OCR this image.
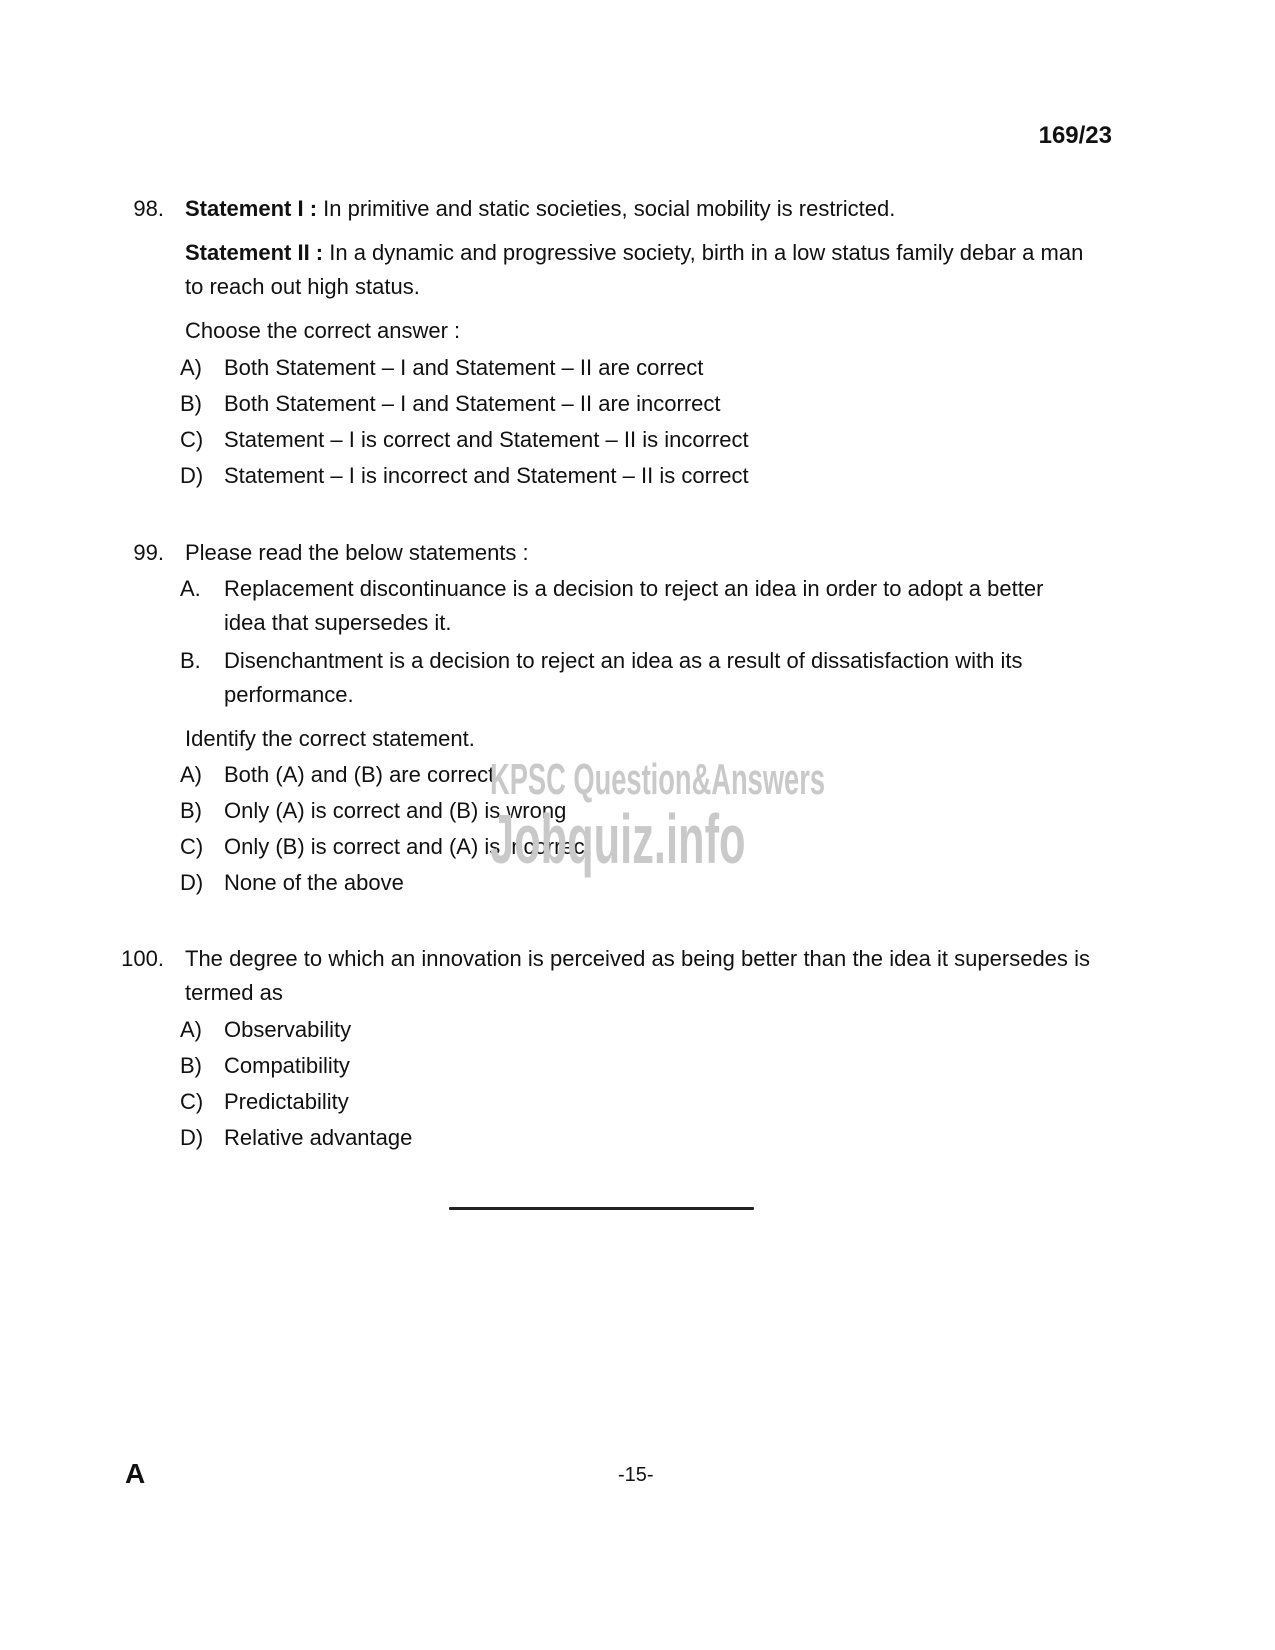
169/23
98. Statement I : In primitive and static societies, social mobility is restricted.
Statement II : In a dynamic and progressive society, birth in a low status family debar a man to reach out high status.
Choose the correct answer :
A)	Both Statement – I and Statement – II are correct
B)	Both Statement – I and Statement – II are incorrect
C) Statement – I is correct and Statement – II is incorrect
D) Statement – I is incorrect and Statement – II is correct
99. Please read the below statements :
A.	Replacement discontinuance is a decision to reject an idea in order to adopt a better idea that supersedes it.
B.	Disenchantment is a decision to reject an idea as a result of dissatisfaction with its performance.
Identify the correct statement.
A)	Both (A) and (B) are correct
B)	Only (A) is correct and (B) is wrong
C) Only (B) is correct and (A) is incorrect
D) None of the above
100. The degree to which an innovation is perceived as being better than the idea it supersedes is termed as
A)	Observability
B)	Compatibility
C) Predictability
D) Relative advantage
KPSC Question&Answers
Jobquiz.info
A	-15-
